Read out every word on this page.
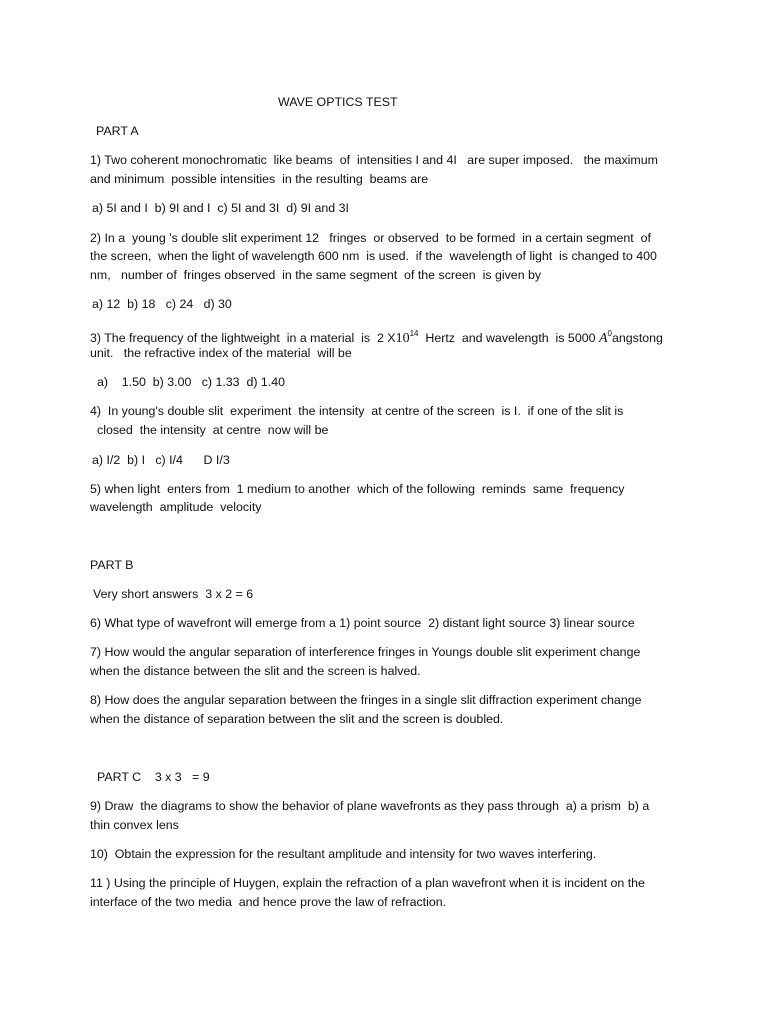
WAVE OPTICS TEST
PART A
1) Two coherent monochromatic  like beams  of  intensities I and 4I   are super imposed.   the maximum
and minimum  possible intensities  in the resulting  beams are
a) 5I and I  b) 9I and I  c) 5I and 3I  d) 9I and 3I
2) In a  young 's double slit experiment 12   fringes  or observed  to be formed  in a certain segment  of
the screen,  when the light of wavelength 600 nm  is used.  if the  wavelength of light  is changed to 400
nm,   number of  fringes observed  in the same segment  of the screen  is given by
a) 12  b) 18   c) 24   d) 30
3) The frequency of the lightweight  in a material  is  2 $X10^{14}$  Hertz  and wavelength  is 5000 $A^0angstong$
unit.   the refractive index of the material  will be
a)    1.50  b) 3.00   c) 1.33  d) 1.40
4)  In young's double slit  experiment  the intensity  at centre of the screen  is I.  if one of the slit is
closed  the intensity  at centre  now will be
a) I/2  b) I   c) I/4      D I/3
5) when light  enters from  1 medium to another  which of the following  reminds  same  frequency
wavelength  amplitude  velocity
PART B
Very short answers  3 x 2 = 6
6) What type of wavefront will emerge from a 1) point source  2) distant light source 3) linear source
7) How would the angular separation of interference fringes in Youngs double slit experiment change
when the distance between the slit and the screen is halved.
8) How does the angular separation between the fringes in a single slit diffraction experiment change
when the distance of separation between the slit and the screen is doubled.
PART C    3 x 3   = 9
9) Draw  the diagrams to show the behavior of plane wavefronts as they pass through  a) a prism  b) a
thin convex lens
10)  Obtain the expression for the resultant amplitude and intensity for two waves interfering.
11 ) Using the principle of Huygen, explain the refraction of a plan wavefront when it is incident on the
interface of the two media  and hence prove the law of refraction.
